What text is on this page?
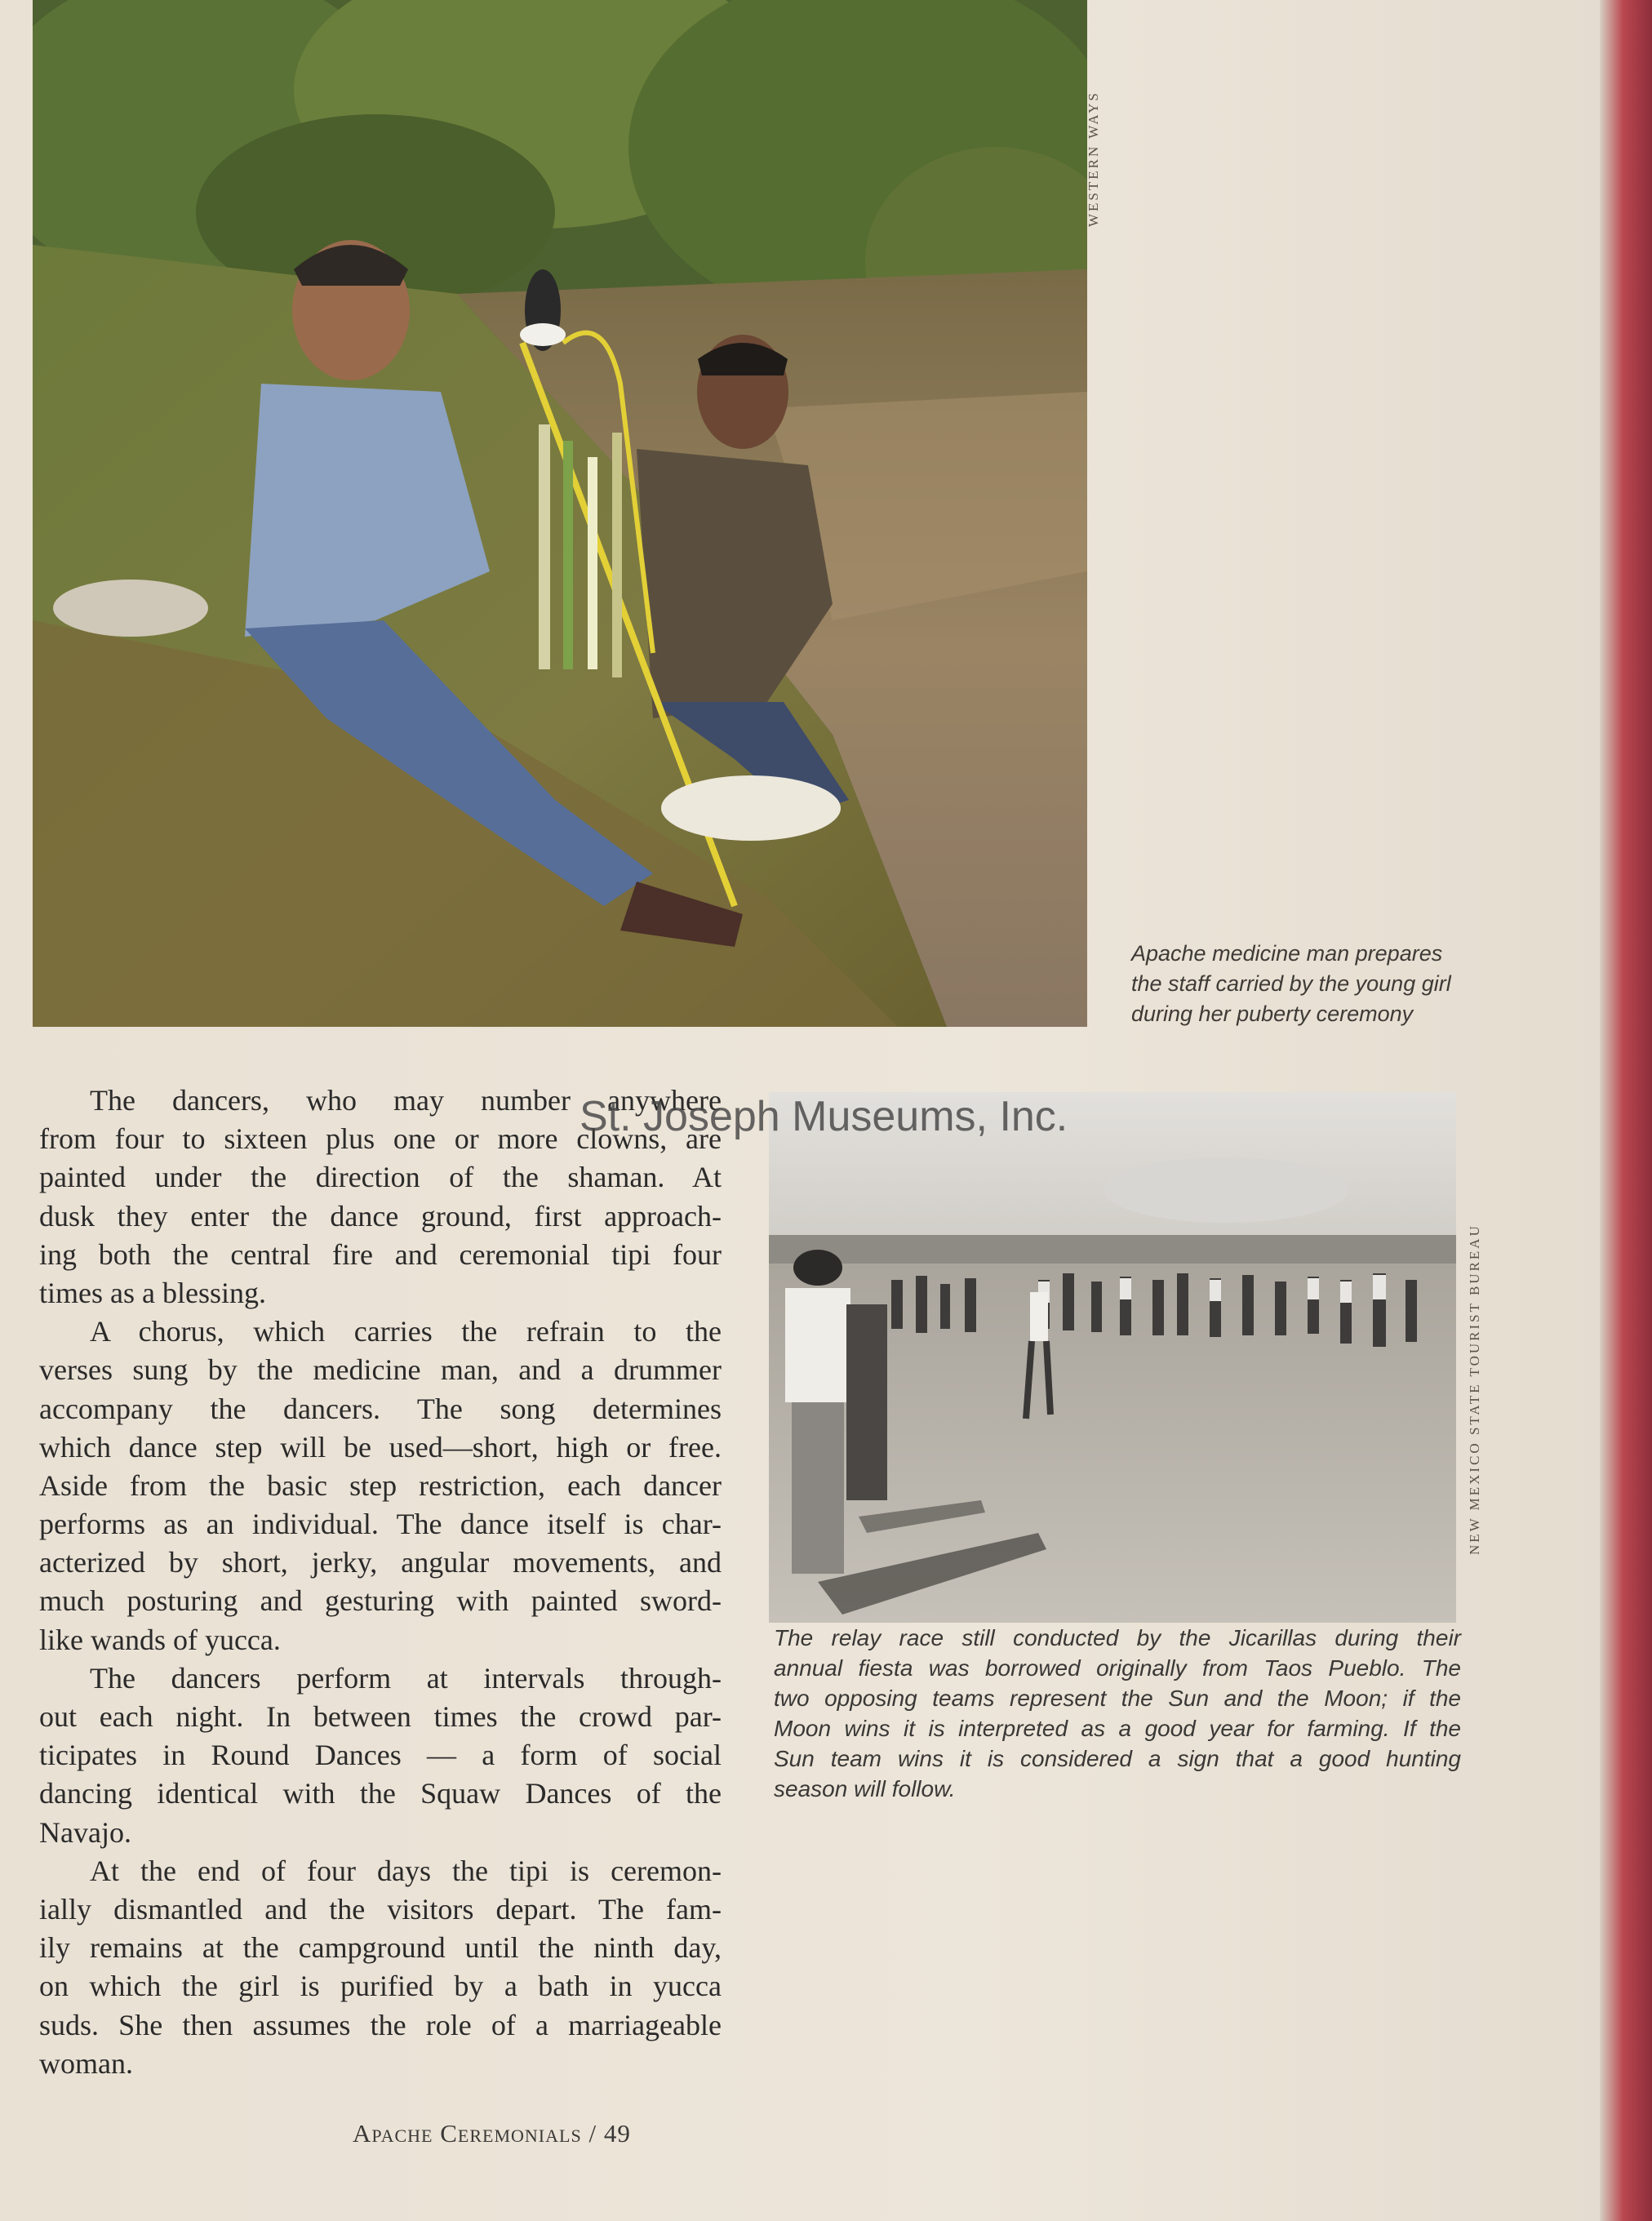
WESTERN WAYS
Apache medicine man prepares
the staff carried by the young girl
during her puberty ceremony
The dancers, who may number anywhere
from four to sixteen plus one or more clowns, are
painted under the direction of the shaman. At
dusk they enter the dance ground, first approach-
ing both the central fire and ceremonial tipi four
times as a blessing.
A chorus, which carries the refrain to the
verses sung by the medicine man, and a drummer
accompany the dancers. The song determines
which dance step will be used—short, high or free.
Aside from the basic step restriction, each dancer
performs as an individual. The dance itself is char-
acterized by short, jerky, angular movements, and
much posturing and gesturing with painted sword-
like wands of yucca.
The dancers perform at intervals through-
out each night. In between times the crowd par-
ticipates in Round Dances — a form of social
dancing identical with the Squaw Dances of the
Navajo.
At the end of four days the tipi is ceremon-
ially dismantled and the visitors depart. The fam-
ily remains at the campground until the ninth day,
on which the girl is purified by a bath in yucca
suds. She then assumes the role of a marriageable
woman.
NEW MEXICO STATE TOURIST BUREAU
The relay race still conducted by the Jicarillas during their
annual fiesta was borrowed originally from Taos Pueblo. The
two opposing teams represent the Sun and the Moon; if the
Moon wins it is interpreted as a good year for farming. If the
Sun team wins it is considered a sign that a good hunting
season will follow.
St. Joseph Museums, Inc.
Apache Ceremonials / 49
